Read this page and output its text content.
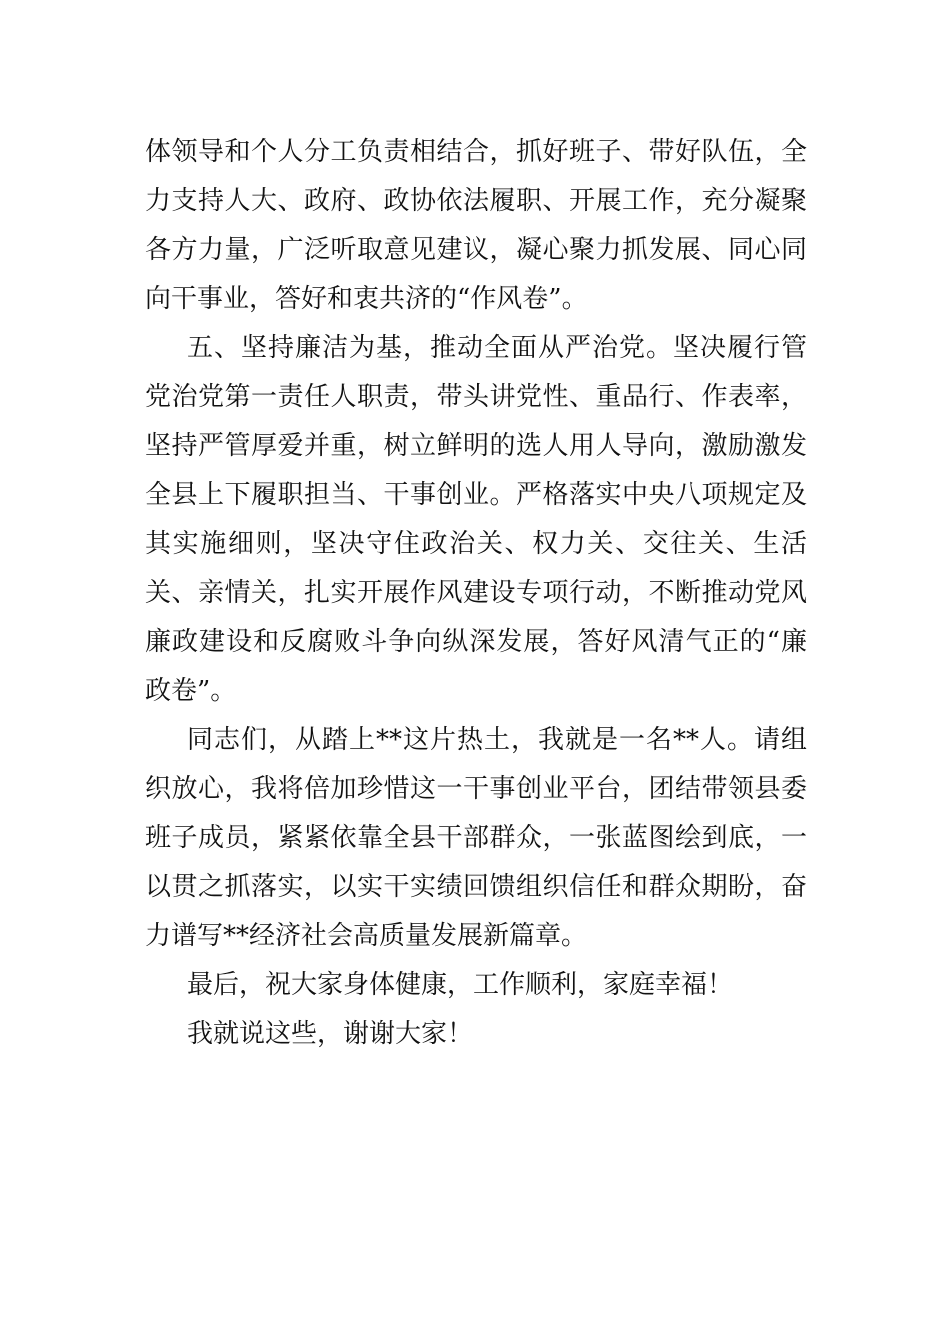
体领导和个人分工负责相结合，抓好班子、带好队伍，全力支持人大、政府、政协依法履职、开展工作，充分凝聚各方力量，广泛听取意见建议，凝心聚力抓发展、同心同向干事业，答好和衷共济的“作风卷”。

五、坚持廉洁为基，推动全面从严治党。坚决履行管党治党第一责任人职责，带头讲党性、重品行、作表率，坚持严管厚爱并重，树立鲜明的选人用人导向，激励激发全县上下履职担当、干事创业。严格落实中央八项规定及其实施细则，坚决守住政治关、权力关、交往关、生活关、亲情关，扎实开展作风建设专项行动，不断推动党风廉政建设和反腐败斗争向纵深发展，答好风清气正的“廉政卷”。

同志们，从踏上**这片热土，我就是一名**人。请组织放心，我将倍加珍惜这一干事创业平台，团结带领县委班子成员，紧紧依靠全县干部群众，一张蓝图绘到底，一以贯之抓落实，以实干实绩回馈组织信任和群众期盼，奋力谱写**经济社会高质量发展新篇章。

最后，祝大家身体健康，工作顺利，家庭幸福！

我就说这些，谢谢大家！
